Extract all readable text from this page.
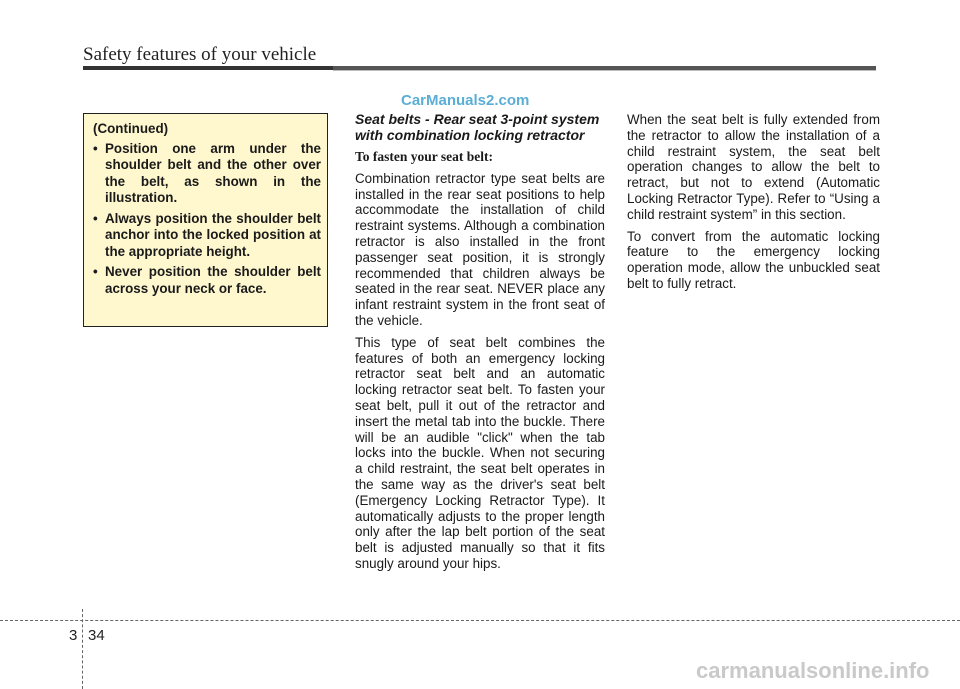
Safety features of your vehicle
CarManuals2.com
(Continued)
• Position one arm under the shoulder belt and the other over the belt, as shown in the illustration.
• Always position the shoulder belt anchor into the locked position at the appropriate height.
• Never position the shoulder belt across your neck or face.
Seat belts - Rear seat 3-point system with combination locking retractor
To fasten your seat belt:

Combination retractor type seat belts are installed in the rear seat positions to help accommodate the installation of child restraint systems. Although a combination retractor is also installed in the front passenger seat position, it is strongly recommended that children always be seated in the rear seat. NEVER place any infant restraint system in the front seat of the vehicle.

This type of seat belt combines the features of both an emergency locking retractor seat belt and an automatic locking retractor seat belt. To fasten your seat belt, pull it out of the retractor and insert the metal tab into the buckle. There will be an audible "click" when the tab locks into the buckle. When not securing a child restraint, the seat belt operates in the same way as the driver's seat belt (Emergency Locking Retractor Type). It automatically adjusts to the proper length only after the lap belt portion of the seat belt is adjusted manually so that it fits snugly around your hips.

When the seat belt is fully extended from the retractor to allow the installation of a child restraint system, the seat belt operation changes to allow the belt to retract, but not to extend (Automatic Locking Retractor Type). Refer to “Using a child restraint system” in this section.

To convert from the automatic locking feature to the emergency locking operation mode, allow the unbuckled seat belt to fully retract.

3 34
carmanualsonline.info
